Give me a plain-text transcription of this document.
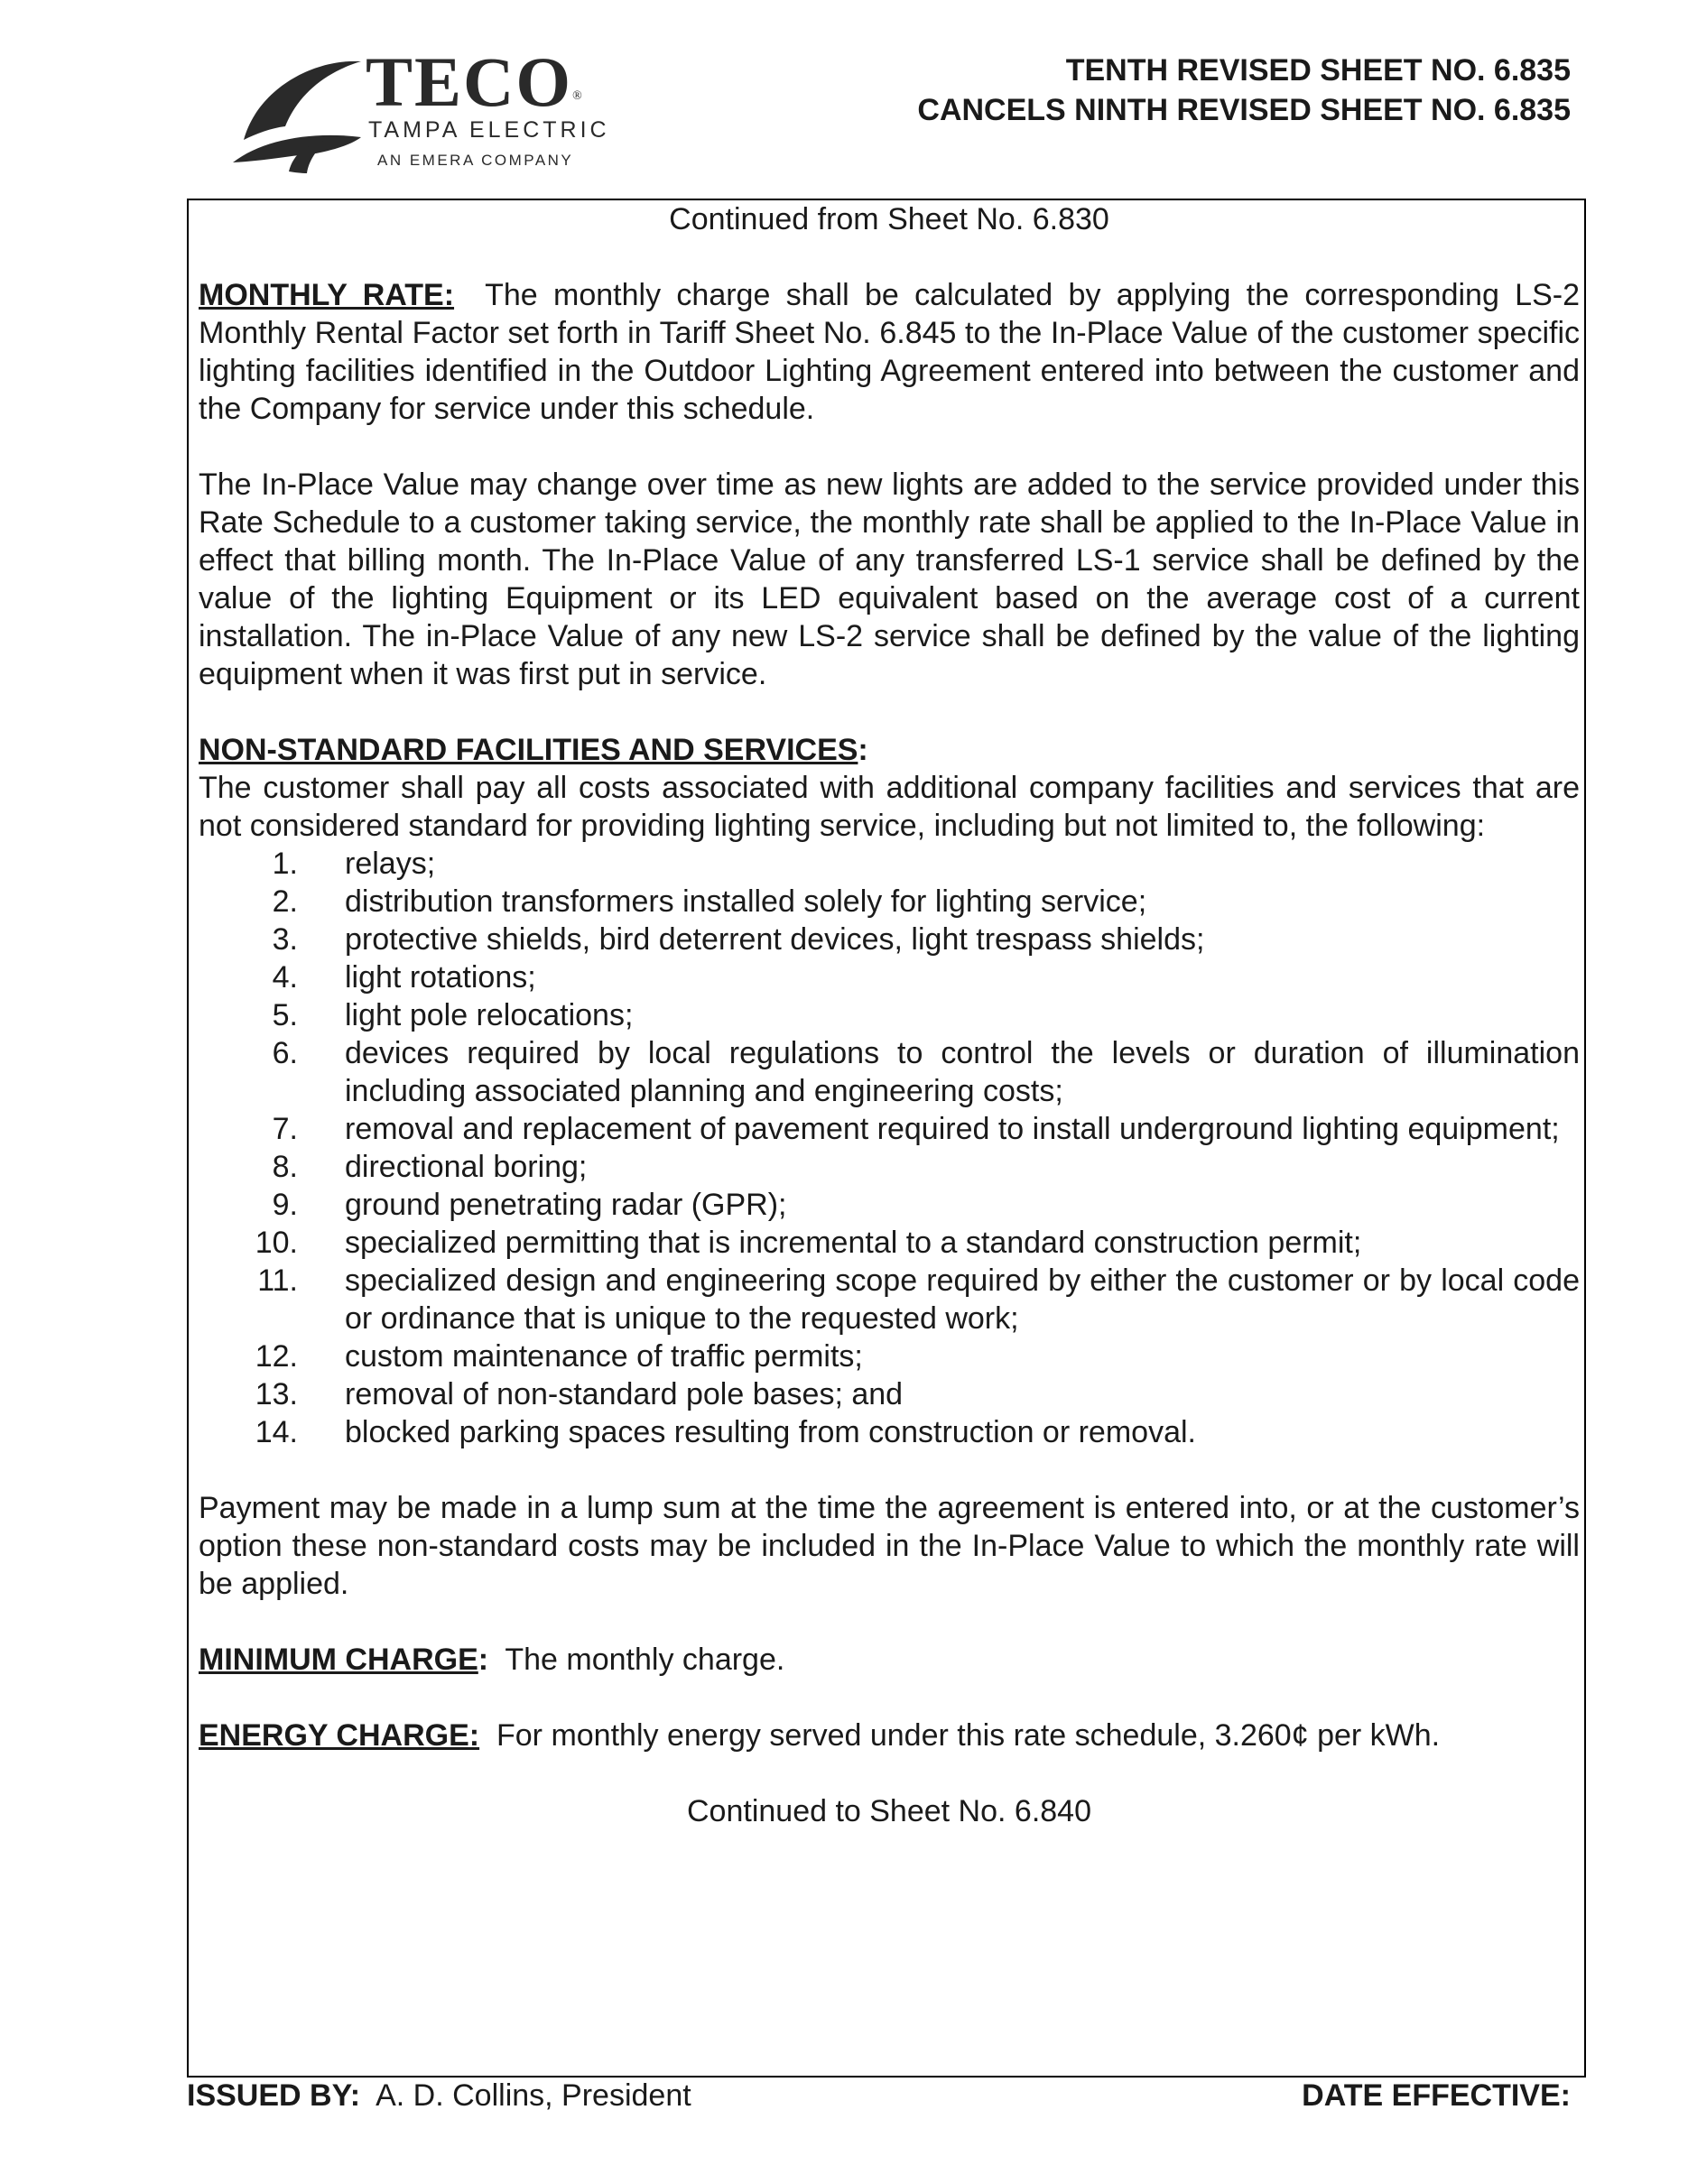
TECO®
TAMPA ELECTRIC
AN EMERA COMPANY
TENTH REVISED SHEET NO. 6.835
CANCELS NINTH REVISED SHEET NO. 6.835
Continued from Sheet No. 6.830

MONTHLY RATE: The monthly charge shall be calculated by applying the corresponding LS-2 Monthly Rental Factor set forth in Tariff Sheet No. 6.845 to the In-Place Value of the customer specific lighting facilities identified in the Outdoor Lighting Agreement entered into between the customer and the Company for service under this schedule.

The In-Place Value may change over time as new lights are added to the service provided under this Rate Schedule to a customer taking service, the monthly rate shall be applied to the In-Place Value in effect that billing month. The In-Place Value of any transferred LS-1 service shall be defined by the value of the lighting Equipment or its LED equivalent based on the average cost of a current installation. The in-Place Value of any new LS-2 service shall be defined by the value of the lighting equipment when it was first put in service.

NON-STANDARD FACILITIES AND SERVICES:

The customer shall pay all costs associated with additional company facilities and services that are not considered standard for providing lighting service, including but not limited to, the following:

1.	relays;
2.	distribution transformers installed solely for lighting service;
3.	protective shields, bird deterrent devices, light trespass shields;
4.	light rotations;
5.	light pole relocations;
6.	devices required by local regulations to control the levels or duration of illumination including associated planning and engineering costs;
7.	removal and replacement of pavement required to install underground lighting equipment;
8.	directional boring;
9.	ground penetrating radar (GPR);
10.	specialized permitting that is incremental to a standard construction permit;
11.	specialized design and engineering scope required by either the customer or by local code or ordinance that is unique to the requested work;
12.	custom maintenance of traffic permits;
13.	removal of non-standard pole bases; and
14.	blocked parking spaces resulting from construction or removal.

Payment may be made in a lump sum at the time the agreement is entered into, or at the customer’s option these non-standard costs may be included in the In-Place Value to which the monthly rate will be applied.

MINIMUM CHARGE: The monthly charge.

ENERGY CHARGE: For monthly energy served under this rate schedule, 3.260¢ per kWh.

Continued to Sheet No. 6.840
ISSUED BY: A. D. Collins, President	DATE EFFECTIVE:
